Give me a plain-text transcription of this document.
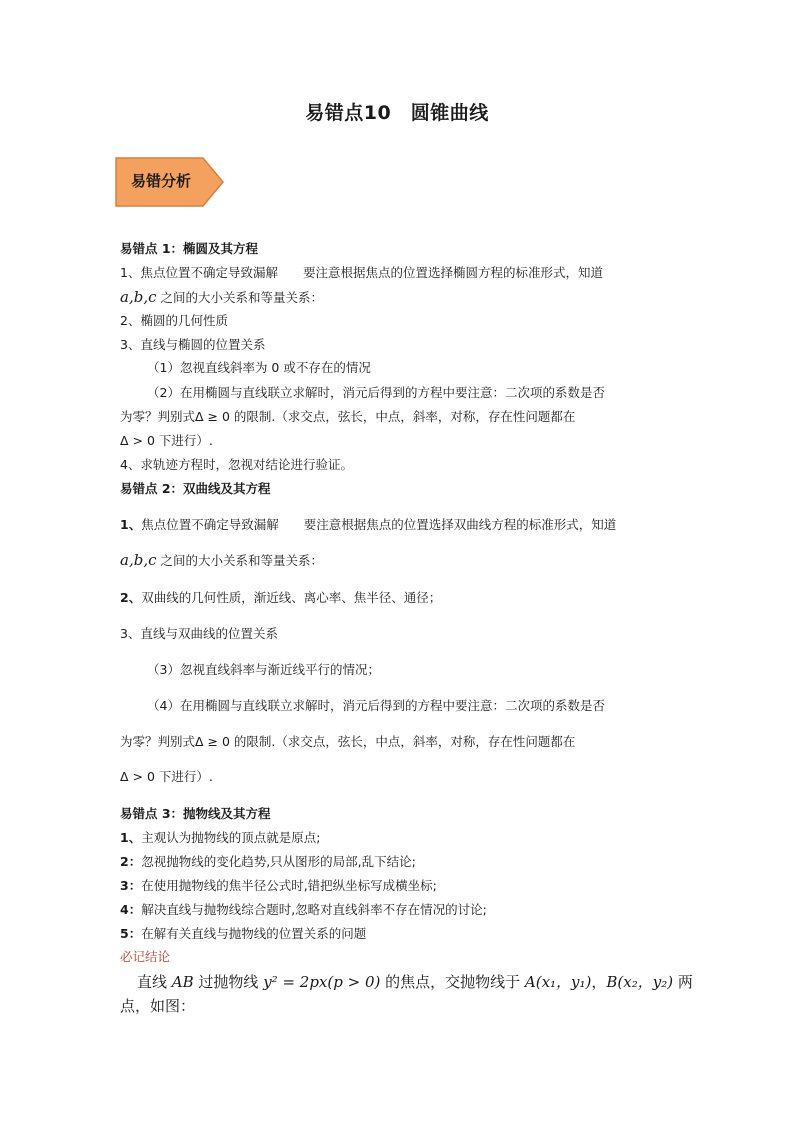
易错点10　圆锥曲线
易错分析
易错点 1：椭圆及其方程
1、焦点位置不确定导致漏解　　要注意根据焦点的位置选择椭圆方程的标准形式，知道
a,b,c 之间的大小关系和等量关系：
2、椭圆的几何性质
3、直线与椭圆的位置关系
（1）忽视直线斜率为 0 或不存在的情况
（2）在用椭圆与直线联立求解时，消元后得到的方程中要注意：二次项的系数是否
为零？判别式Δ ≥ 0 的限制.（求交点，弦长，中点，斜率，对称，存在性问题都在
Δ > 0 下进行）.
4、求轨迹方程时，忽视对结论进行验证。
易错点 2：双曲线及其方程
1、焦点位置不确定导致漏解　　要注意根据焦点的位置选择双曲线方程的标准形式，知道
a,b,c 之间的大小关系和等量关系：
2、双曲线的几何性质，渐近线、离心率、焦半径、通径；
3、直线与双曲线的位置关系
（3）忽视直线斜率与渐近线平行的情况；
（4）在用椭圆与直线联立求解时，消元后得到的方程中要注意：二次项的系数是否
为零？判别式Δ ≥ 0 的限制.（求交点，弦长，中点，斜率，对称，存在性问题都在
Δ > 0 下进行）.
易错点 3：抛物线及其方程
1、主观认为抛物线的顶点就是原点;
2：忽视抛物线的变化趋势,只从图形的局部,乱下结论;
3：在使用抛物线的焦半径公式时,错把纵坐标写成横坐标;
4：解决直线与抛物线综合题时,忽略对直线斜率不存在情况的讨论;
5：在解有关直线与抛物线的位置关系的问题
必记结论
直线 AB 过抛物线 y² = 2px(p > 0) 的焦点，交抛物线于 A(x₁，y₁)，B(x₂，y₂) 两
点，如图：
